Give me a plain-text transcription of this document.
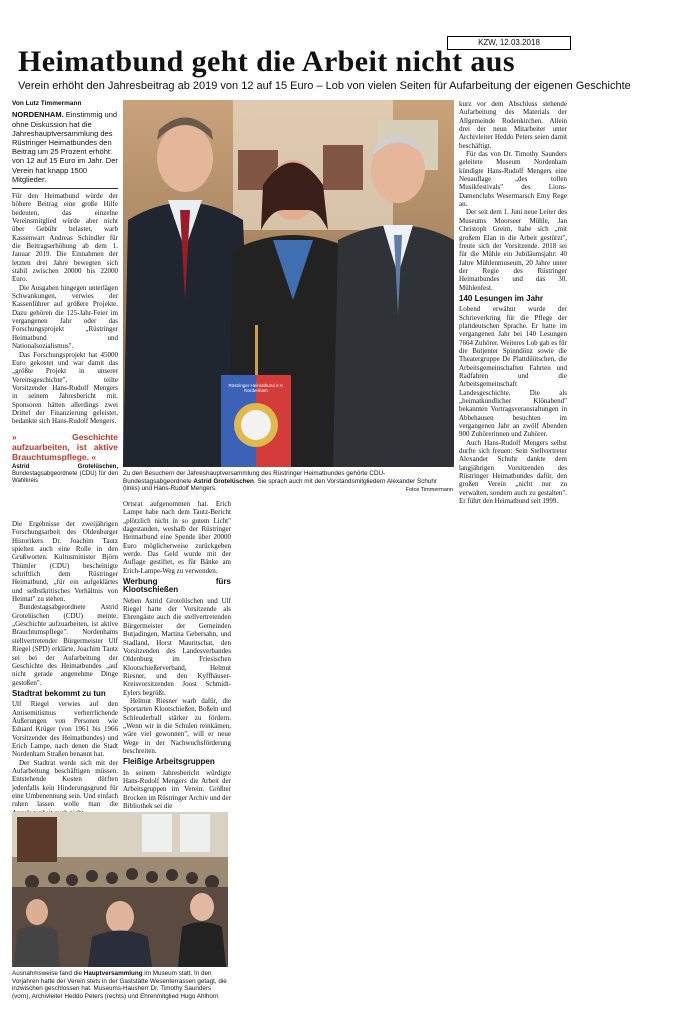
KZW, 12.03.2018
Heimatbund geht die Arbeit nicht aus
Verein erhöht den Jahresbeitrag ab 2019 von 12 auf 15 Euro – Lob von vielen Seiten für Aufarbeitung der eigenen Geschichte
Von Lutz Timmermann
NORDENHAM. Einstimmig und ohne Diskussion hat die Jahreshauptversammlung des Rüstringer Heimatbundes den Beitrag um 25 Prozent erhöht: von 12 auf 15 Euro im Jahr. Der Verein hat knapp 1500 Mitglieder.

Für den Heimatbund würde der höhere Beitrag eine große Hilfe bedeuten, das einzelne Vereinsmitglied würde aber nicht über Gebühr belastet, warb Kassenwart Andreas Schindler für die Beitragserhöhung ab dem 1. Januar 2019. Die Einnahmen der letzten drei Jahre bewegten sich stabil zwischen 20000 bis 22000 Euro.

Die Ausgaben hingegen unterlägen Schwankungen, verwies der Kassenführer auf größere Projekte. Dazu gehören die 125-Jahr-Feier im vergangenen Jahr oder das Forschungsprojekt „Rüstringer Heimatbund und Nationalsozialismus".

Das Forschungsprojekt hat 45000 Euro gekostet und war damit das „größte Projekt in unserer Vereinsgeschichte", teilte Vorsitzender Hans-Rudolf Mengers in seinem Jahresbericht mit. Sponsoren hätten allerdings zwei Drittel der Finanzierung geleistet, bedankte sich Hans-Rudolf Mengers.

» Geschichte aufzuarbeiten, ist aktive Brauchtumspflege. «
Astrid Grotelüschen, Bundestagsabgeordnete (CDU) für den Wahlkreis
Rüstringer Heimatbund e.V. Nordenham
Zu den Besuchern der Jahreshauptversammlung des Rüstringer Heimatbundes gehörte CDU-Bundestagsabgeordnete Astrid Grotelüschen. Sie sprach auch mit den Vorstandsmitgliedern Alexander Schuhr (links) und Hans-Rudolf Mengers.	Fotos Timmermann

Die Ergebnisse der zweijährigen Forschungsarbeit des Oldenburger Historikers Dr. Joachim Tautz spielten auch eine Rolle in den Grußworten. Kultusminister Björn Thümler (CDU) bescheinigte schriftlich dem Rüstringer Heimatbund, „für ein aufgeklärtes und selbstkritisches Verhältnis von Heimat" zu stehen.

Bundestagsabgeordnete Astrid Grotelüschen (CDU) meinte, „Geschichte aufzuarbeiten, ist aktive Brauchtumspflege". Nordenhams stellvertretender Bürgermeister Ulf Riegel (SPD) erklärte, Joachim Tautz sei bei der Aufarbeitung der Geschichte des Heimatbundes „auf nicht gerade angenehme Dinge gestoßen".

Stadtrat bekommt zu tun

Ulf Riegel verwies auf den Antisemitismus verherrlichende Äußerungen von Personen wie Eduard Krüger (von 1961 bis 1966 Vorsitzender des Heimatbundes) und Erich Lampe, nach denen die Stadt Nordenham Straßen benannt hat.

Der Stadtrat werde sich mit der Aufarbeitung beschäftigen müssen. Entstehende Kosten dürften jedenfalls kein Hinderungsgrund für eine Umbenennung sein. Und einfach ruhen lassen wolle man die

Ortsrat aufgenommen hat. Erich Lampe habe nach dem Tautz-Bericht „plötzlich nicht in so gutem Licht" dagestanden, weshalb der Rüstringer Heimatbund eine Spende über 20000 Euro möglicherweise zurückgeben werde. Das Geld wurde mit der Auflage gestiftet, es für Bänke am Erich-Lampe-Weg zu verwenden.

Werbung fürs Klootschießen

Neben Astrid Grotelüschen und Ulf Riegel hatte der Vorsitzende als Ehrengäste auch die stellvertretenden Bürgermeister der Gemeinden Butjadingen, Martina Gebersahn, und Stadland, Horst Mauritschat, den Vorsitzenden des Landesverbandes Oldenburg im Friesischen Klootschießerverband, Helmut Riesner, und den Kyffhäuser-Kreisvorsitzenden Joost Schmidt-Eylers begrüßt.

Helmut Riesner warb dafür, die Sportarten Klootschießen, Boßeln und Schleuderball stärker zu fördern. „Wenn wir in die Schulen reinkämen, wäre viel gewonnen", will er neue Wege in der Nachwuchsförderung beschreiten.

Fleißige Arbeitsgruppen

In seinem Jahresbericht würdigte Hans-Rudolf Mengers die Arbeit der Arbeitsgruppen im Verein. Größter Brocken im Rüstringer Archiv und der Bibliothek sei die

kurz vor dem Abschluss stehende Aufarbeitung des Materials der Allgemeinde Rodenkirchen. Allein drei der neun Mitarbeiter unter Archivleiter Heddo Peters seien damit beschäftigt.

Für das von Dr. Timothy Saunders geleitete Museum Nordenham kündigte Hans-Rudolf Mengers eine Neuauflage „des tollen Musikfestivals" des Lions-Damenclubs Wesermarsch Emy Rege an.

Der seit dem 1. Juni neue Leiter des Museums Moorseer Mühle, Jan Christoph Greim, habe sich „mit großem Elan in die Arbeit gestürzt", freute sich der Vorsitzende. 2018 sei für die Mühle ein Jubiläumsjahr: 40 Jahre Mühlenmuseum, 20 Jahre unter der Regie des Rüstringer Heimatbundes und das 30. Mühlenfest.

140 Lesungen im Jahr

Lobend erwähnt wurde der Schrieverkring für die Pflege der plattdeutschen Sprache. Er hatte im vergangenen Jahr bei 140 Lesungen 7664 Zuhörer. Weiteres Lob gab es für die Butjenter Spinndönz sowie die Theatergruppe De Plattdüütschen, die Arbeitsgemeinschaften Fahrten und Radfahren und die Arbeitsgemeinschaft Landesgeschichte. Die als „heimatkundlicher Klönabend" bekannten Vortragsveranstaltungen in Abbehausen besuchten im vergangenen Jahr an zwölf Abenden 900 Zuhörerinnen und Zuhörer.

Auch Hans-Rudolf Mengers selbst durfte sich freuen: Sein Stellvertreter Alexander Schuhr dankte dem langjährigen Vorsitzenden des Rüstringer Heimatbundes dafür, den großen Verein „nicht nur zu verwalten, sondern auch zu gestalten". Er führt den Heimatbund seit 1999.

Ausnahmsweise fand die Hauptversammlung im Museum statt. In den Vorjahren hatte der Verein stets in der Gaststätte Wesenterrassen getagt, die inzwischen geschlossen hat. Museums-Hausherr Dr. Timothy Saunders (vorn), Archivleiter Heddo Peters (rechts) und Ehrenmitglied Hugo Ahlhorn
